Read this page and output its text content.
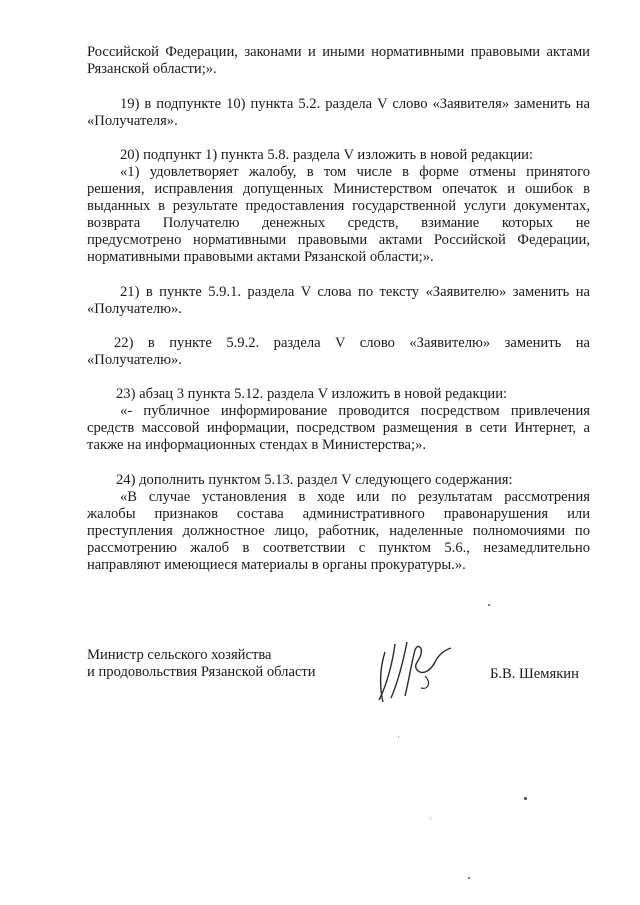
Российской Федерации, законами и иными нормативными правовыми актами

Рязанской области;».

19) в подпункте 10) пункта 5.2. раздела V слово «Заявителя» заменить на

«Получателя».

20) подпункт 1) пункта 5.8. раздела V изложить в новой редакции:

«1) удовлетворяет жалобу, в том числе в форме отмены принятого

решения, исправления допущенных Министерством опечаток и ошибок в

выданных в результате предоставления государственной услуги документах,

возврата Получателю денежных средств, взимание которых не

предусмотрено нормативными правовыми актами Российской Федерации,

нормативными правовыми актами Рязанской области;».

21) в пункте 5.9.1. раздела V слова по тексту «Заявителю» заменить на

«Получателю».

22) в пункте 5.9.2. раздела V слово «Заявителю» заменить на

«Получателю».

23) абзац 3 пункта 5.12. раздела V изложить в новой редакции:

«- публичное информирование проводится посредством привлечения

средств массовой информации, посредством размещения в сети Интернет, а

также на информационных стендах в Министерства;».

24) дополнить пунктом 5.13. раздел V следующего содержания:

«В случае установления в ходе или по результатам рассмотрения

жалобы признаков состава административного правонарушения или

преступления должностное лицо, работник, наделенные полномочиями по

рассмотрению жалоб в соответствии с пунктом 5.6., незамедлительно

направляют имеющиеся материалы в органы прокуратуры.».

Министр сельского хозяйства
и продовольствия Рязанской области	Б.В. Шемякин
